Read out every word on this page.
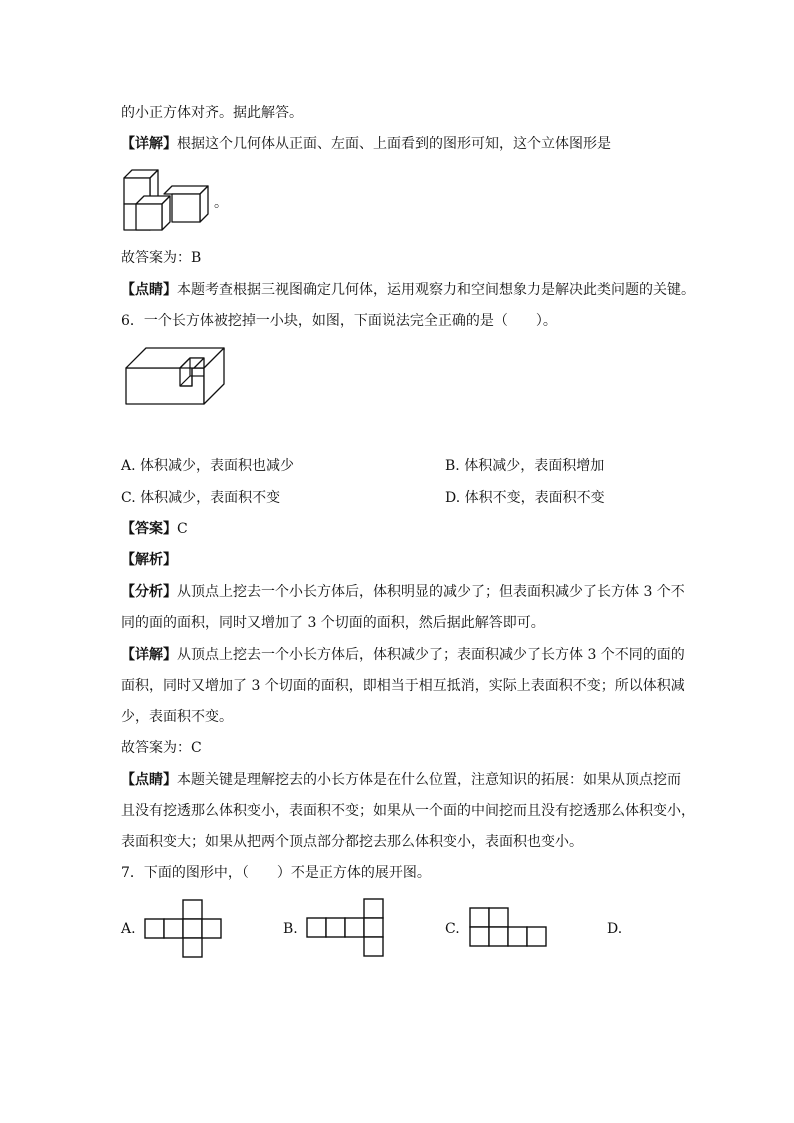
的小正方体对齐。据此解答。
【详解】根据这个几何体从正面、左面、上面看到的图形可知，这个立体图形是
。
故答案为：B
【点睛】本题考查根据三视图确定几何体，运用观察力和空间想象力是解决此类问题的关键。
6．一个长方体被挖掉一小块，如图，下面说法完全正确的是（　　）。
A. 体积减少，表面积也减少	B. 体积减少，表面积增加
C. 体积减少，表面积不变	D. 体积不变，表面积不变
【答案】C
【解析】
【分析】从顶点上挖去一个小长方体后，体积明显的减少了；但表面积减少了长方体 3 个不
同的面的面积，同时又增加了 3 个切面的面积，然后据此解答即可。
【详解】从顶点上挖去一个小长方体后，体积减少了；表面积减少了长方体 3 个不同的面的
面积，同时又增加了 3 个切面的面积，即相当于相互抵消，实际上表面积不变；所以体积减
少，表面积不变。
故答案为：C
【点睛】本题关键是理解挖去的小长方体是在什么位置，注意知识的拓展：如果从顶点挖而
且没有挖透那么体积变小，表面积不变；如果从一个面的中间挖而且没有挖透那么体积变小，
表面积变大；如果从把两个顶点部分都挖去那么体积变小，表面积也变小。
7．下面的图形中，（　　）不是正方体的展开图。
A.	B.	C.	D.
